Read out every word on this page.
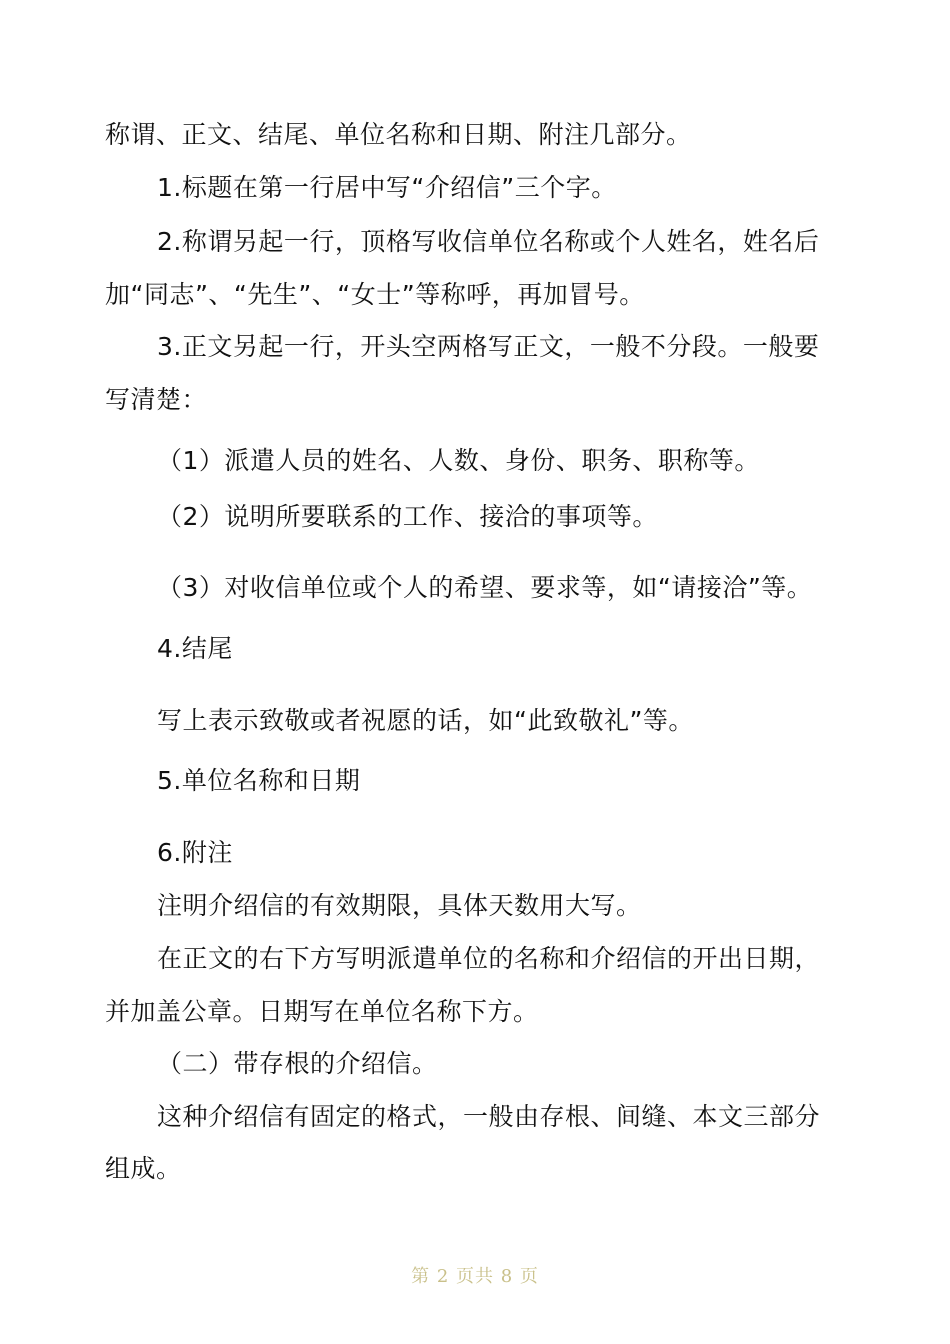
称谓、正文、结尾、单位名称和日期、附注几部分。
1.标题在第一行居中写“介绍信”三个字。
2.称谓另起一行，顶格写收信单位名称或个人姓名，姓名后
加“同志”、“先生”、“女士”等称呼，再加冒号。
3.正文另起一行，开头空两格写正文，一般不分段。一般要
写清楚：
（1）派遣人员的姓名、人数、身份、职务、职称等。
（2）说明所要联系的工作、接洽的事项等。
（3）对收信单位或个人的希望、要求等，如“请接洽”等。
4.结尾
写上表示致敬或者祝愿的话，如“此致敬礼”等。
5.单位名称和日期
6.附注
注明介绍信的有效期限，具体天数用大写。
在正文的右下方写明派遣单位的名称和介绍信的开出日期，
并加盖公章。日期写在单位名称下方。
（二）带存根的介绍信。
这种介绍信有固定的格式，一般由存根、间缝、本文三部分
组成。
第 2 页共 8 页
